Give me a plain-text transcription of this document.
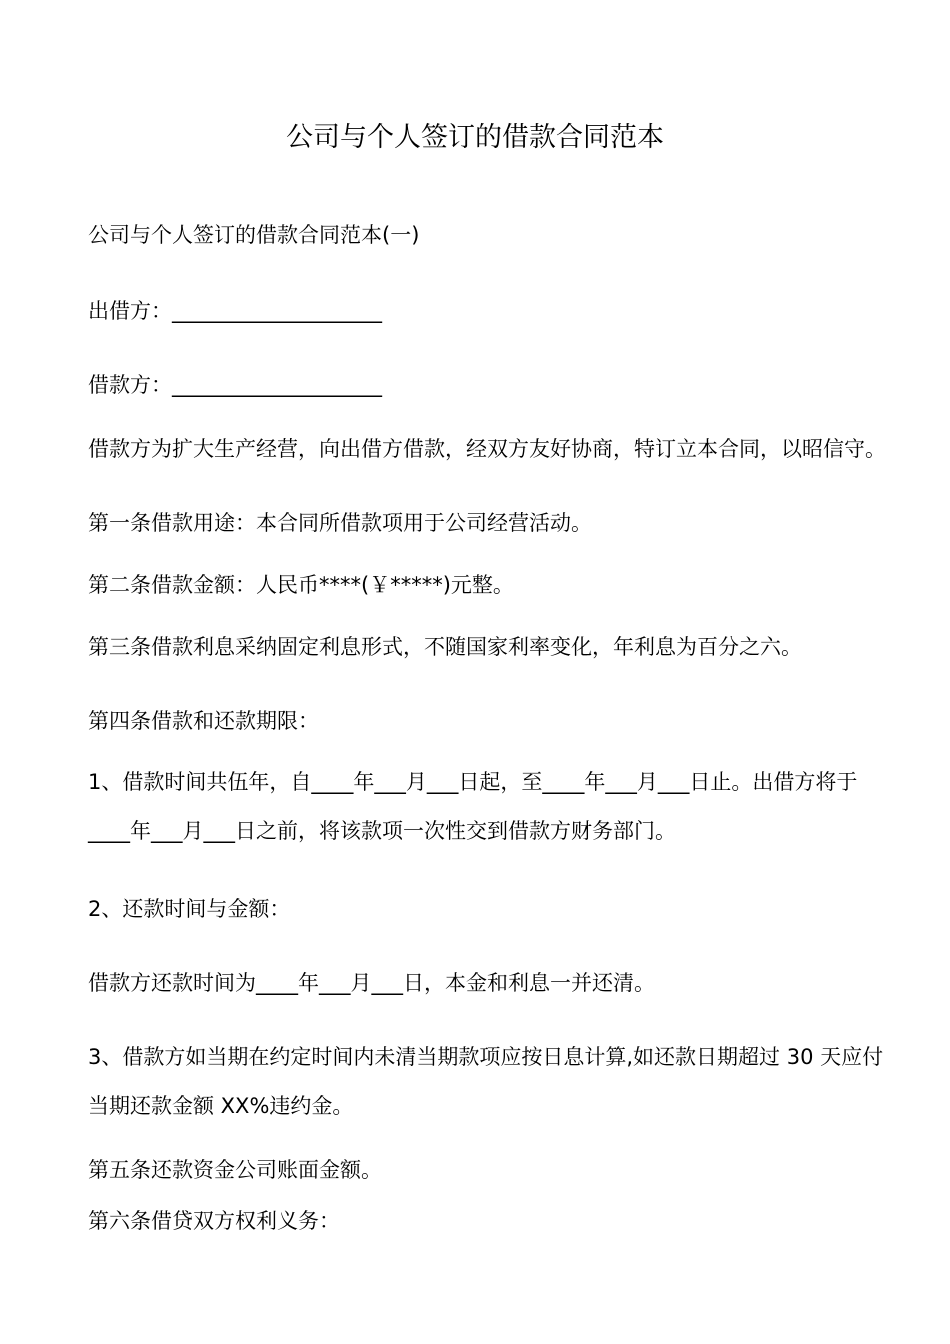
公司与个人签订的借款合同范本
公司与个人签订的借款合同范本(一)
出借方：____________________
借款方：____________________
借款方为扩大生产经营，向出借方借款，经双方友好协商，特订立本合同，以昭信守。
第一条借款用途：本合同所借款项用于公司经营活动。
第二条借款金额：人民币****(￥*****)元整。
第三条借款利息采纳固定利息形式，不随国家利率变化，年利息为百分之六。
第四条借款和还款期限：
1、借款时间共伍年，自____年___月___日起，至____年___月___日止。出借方将于____年___月___日之前，将该款项一次性交到借款方财务部门。
2、还款时间与金额：
借款方还款时间为____年___月___日，本金和利息一并还清。
3、借款方如当期在约定时间内未清当期款项应按日息计算,如还款日期超过 30 天应付当期还款金额 XX%违约金。
第五条还款资金公司账面金额。
第六条借贷双方权利义务：
